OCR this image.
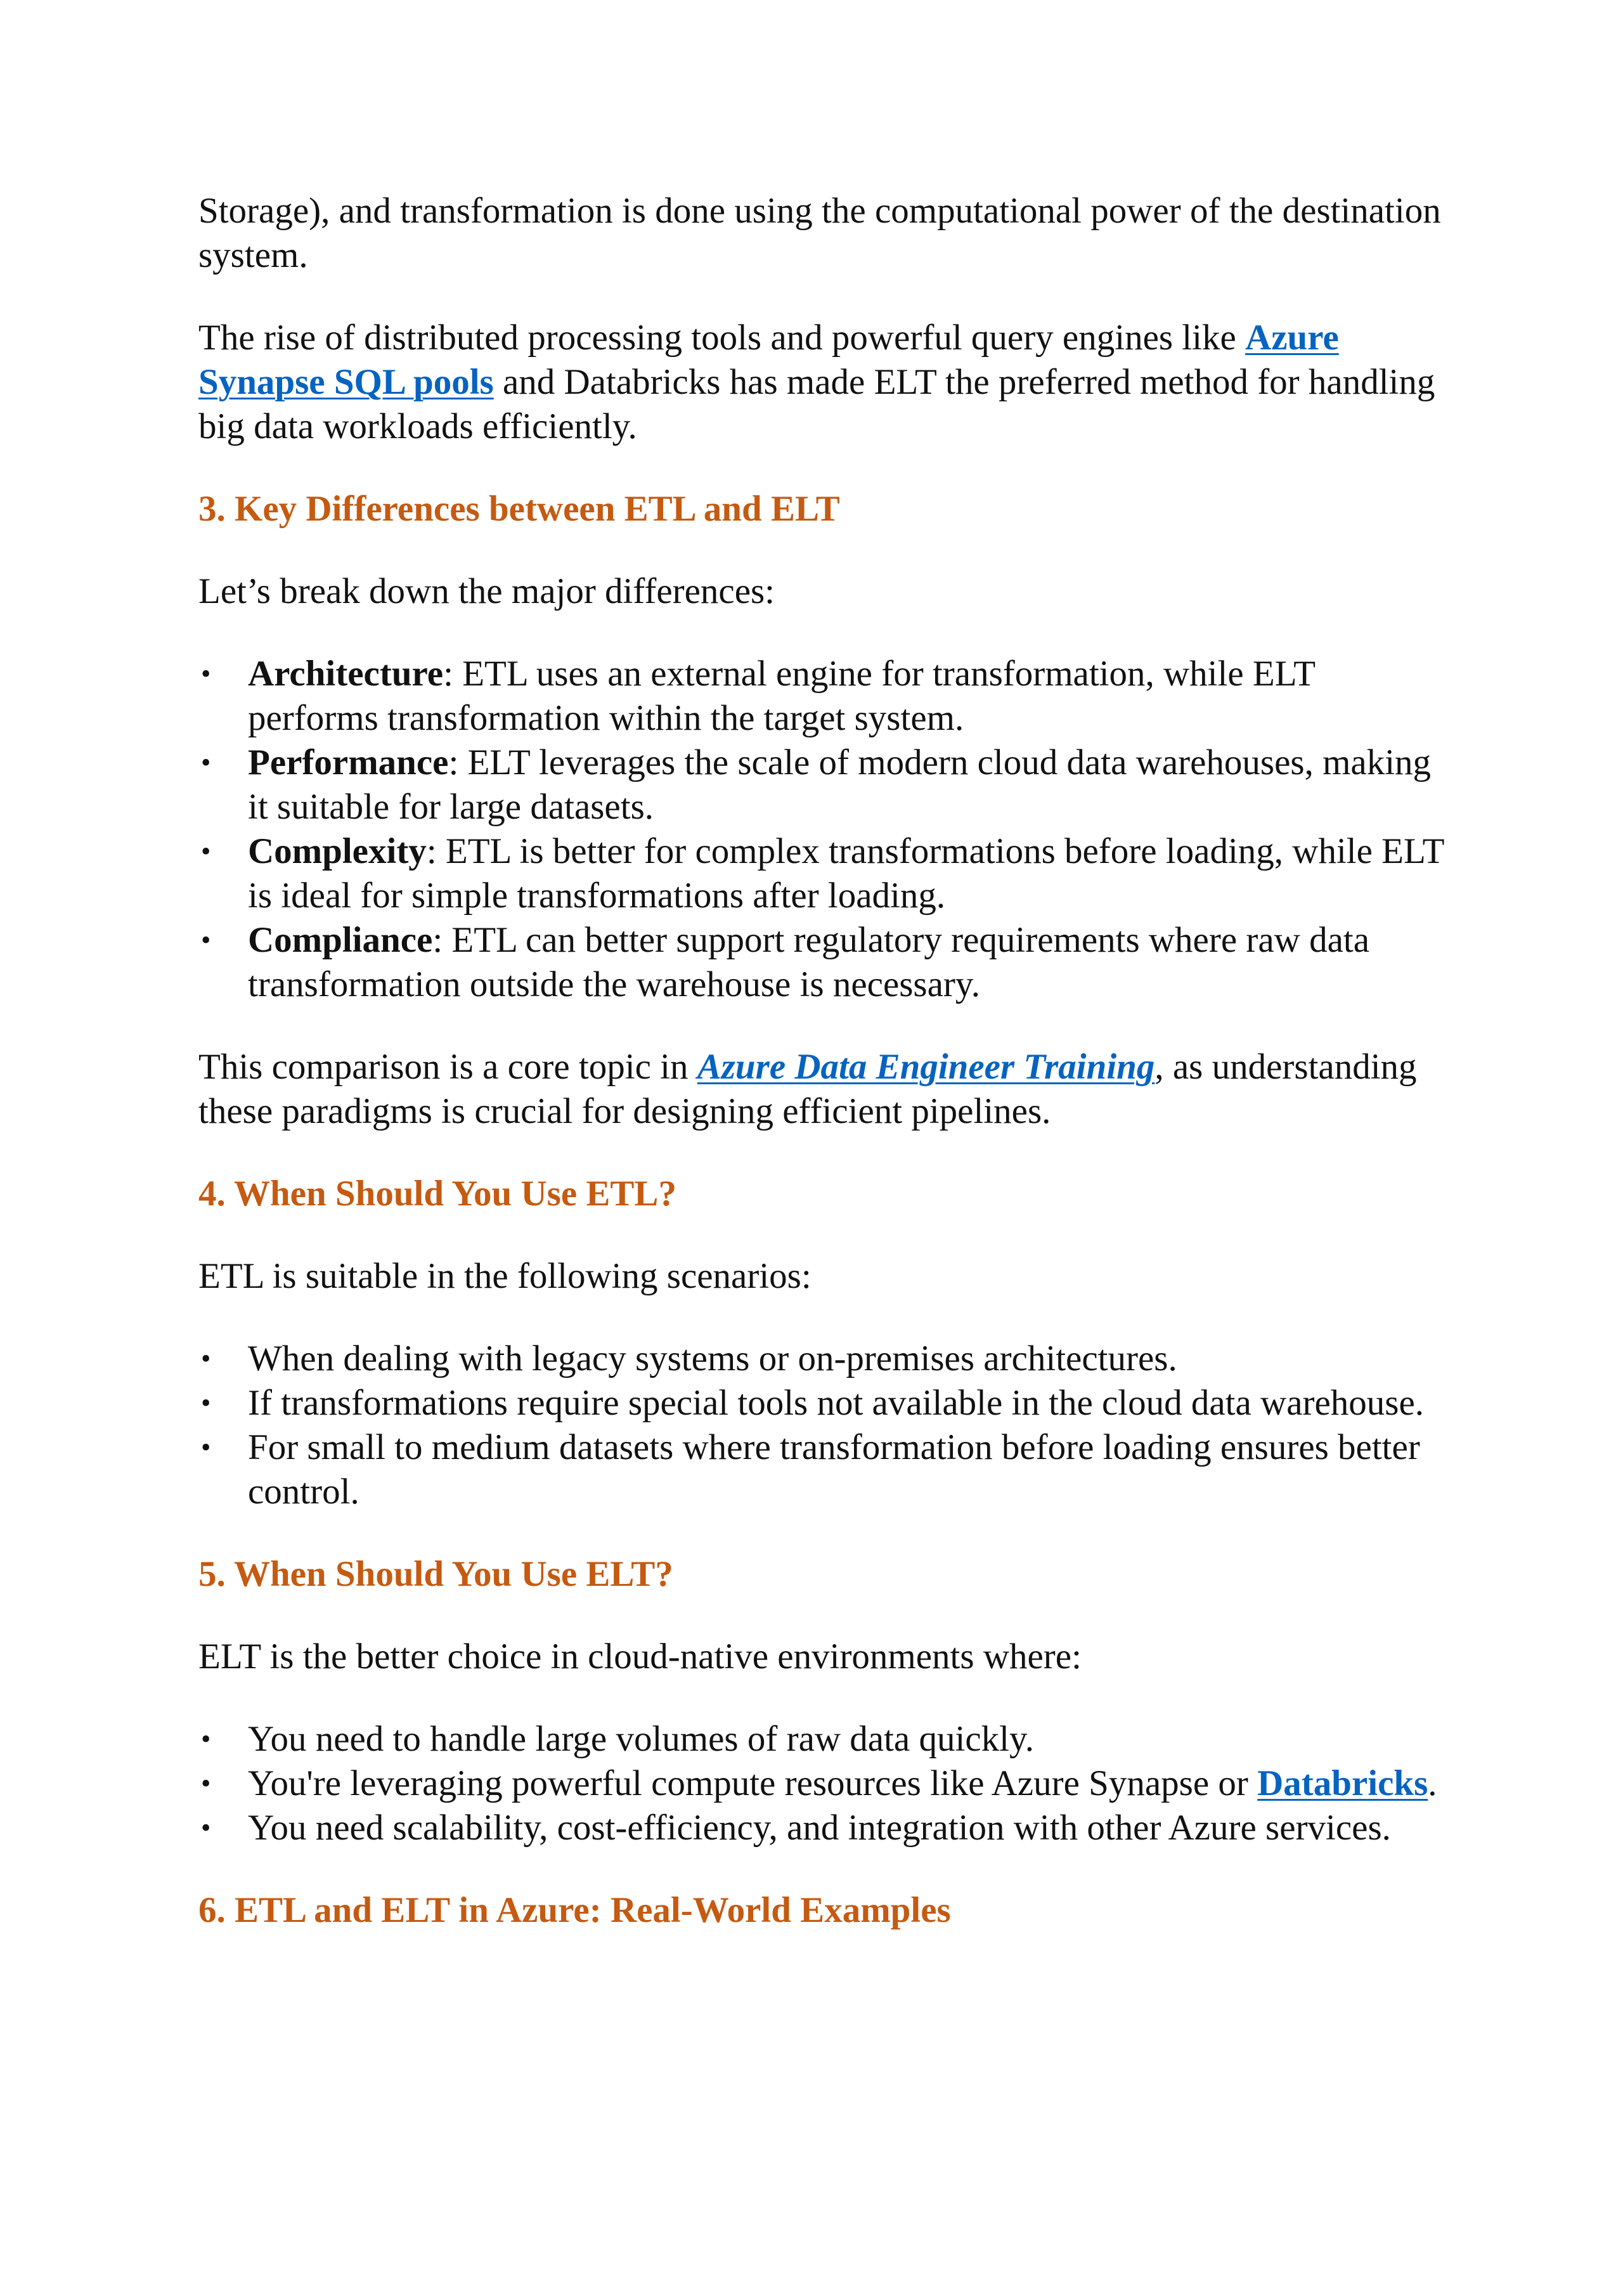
Storage), and transformation is done using the computational power of the destination system.

The rise of distributed processing tools and powerful query engines like Azure Synapse SQL pools and Databricks has made ELT the preferred method for handling big data workloads efficiently.

3. Key Differences between ETL and ELT

Let’s break down the major differences:

• Architecture: ETL uses an external engine for transformation, while ELT performs transformation within the target system.
• Performance: ELT leverages the scale of modern cloud data warehouses, making it suitable for large datasets.
• Complexity: ETL is better for complex transformations before loading, while ELT is ideal for simple transformations after loading.
• Compliance: ETL can better support regulatory requirements where raw data transformation outside the warehouse is necessary.

This comparison is a core topic in Azure Data Engineer Training, as understanding these paradigms is crucial for designing efficient pipelines.

4. When Should You Use ETL?

ETL is suitable in the following scenarios:

• When dealing with legacy systems or on-premises architectures.
• If transformations require special tools not available in the cloud data warehouse.
• For small to medium datasets where transformation before loading ensures better control.
5. When Should You Use ELT?

ELT is the better choice in cloud-native environments where:

• You need to handle large volumes of raw data quickly.
• You're leveraging powerful compute resources like Azure Synapse or Databricks.
• You need scalability, cost-efficiency, and integration with other Azure services.
6. ETL and ELT in Azure: Real-World Examples
